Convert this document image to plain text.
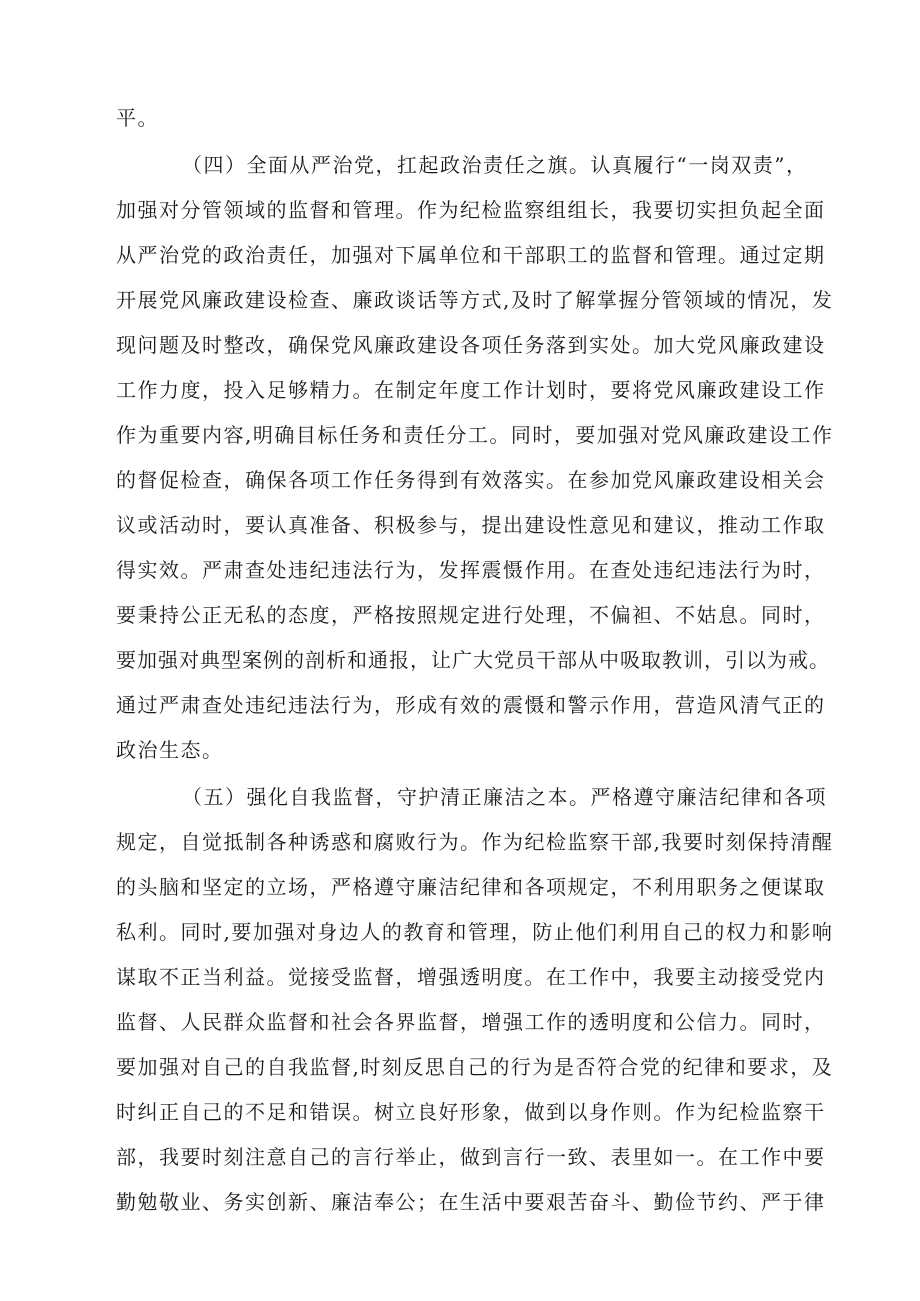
平。
（四）全面从严治党，扛起政治责任之旗。认真履行“一岗双责”，
加强对分管领域的监督和管理。作为纪检监察组组长，我要切实担负起全面
从严治党的政治责任，加强对下属单位和干部职工的监督和管理。通过定期
开展党风廉政建设检查、廉政谈话等方式,及时了解掌握分管领域的情况，发
现问题及时整改，确保党风廉政建设各项任务落到实处。加大党风廉政建设
工作力度，投入足够精力。在制定年度工作计划时，要将党风廉政建设工作
作为重要内容,明确目标任务和责任分工。同时，要加强对党风廉政建设工作
的督促检查，确保各项工作任务得到有效落实。在参加党风廉政建设相关会
议或活动时，要认真准备、积极参与，提出建设性意见和建议，推动工作取
得实效。严肃查处违纪违法行为，发挥震慑作用。在查处违纪违法行为时，
要秉持公正无私的态度，严格按照规定进行处理，不偏袒、不姑息。同时，
要加强对典型案例的剖析和通报，让广大党员干部从中吸取教训，引以为戒。
通过严肃查处违纪违法行为，形成有效的震慑和警示作用，营造风清气正的
政治生态。
（五）强化自我监督，守护清正廉洁之本。严格遵守廉洁纪律和各项
规定，自觉抵制各种诱惑和腐败行为。作为纪检监察干部,我要时刻保持清醒
的头脑和坚定的立场，严格遵守廉洁纪律和各项规定，不利用职务之便谋取
私利。同时,要加强对身边人的教育和管理，防止他们利用自己的权力和影响
谋取不正当利益。觉接受监督，增强透明度。在工作中，我要主动接受党内
监督、人民群众监督和社会各界监督，增强工作的透明度和公信力。同时，
要加强对自己的自我监督,时刻反思自己的行为是否符合党的纪律和要求，及
时纠正自己的不足和错误。树立良好形象，做到以身作则。作为纪检监察干
部，我要时刻注意自己的言行举止，做到言行一致、表里如一。在工作中要
勤勉敬业、务实创新、廉洁奉公；在生活中要艰苦奋斗、勤俭节约、严于律
